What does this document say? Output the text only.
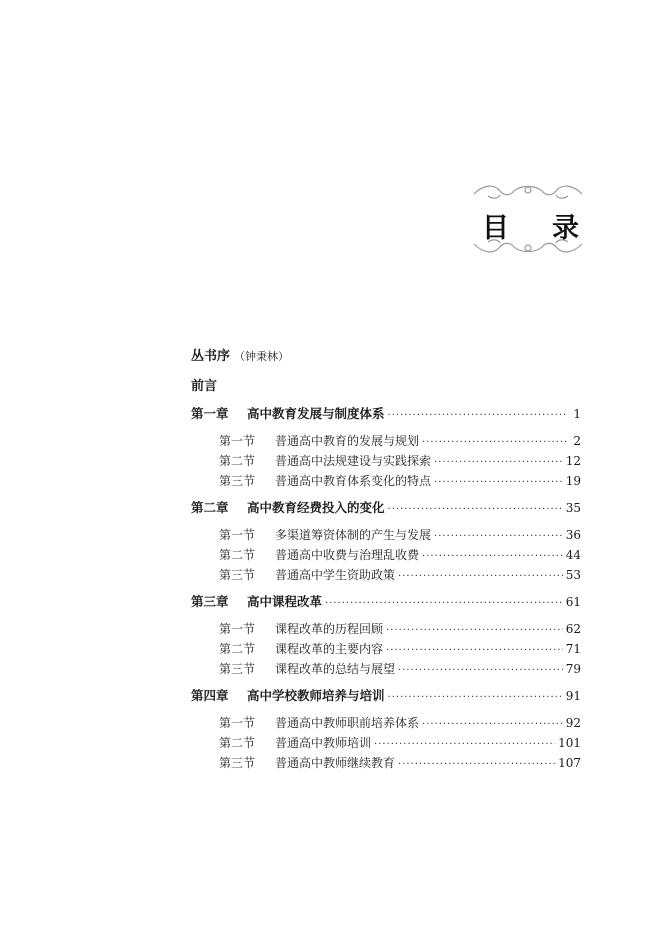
目 录
丛书序 （钟秉林）
前言
第一章	高中教育发展与制度体系 ·····	1
第一节	普通高中教育的发展与规划 ·····	2
第二节	普通高中法规建设与实践探索 ·····	12
第三节	普通高中教育体系变化的特点 ·····	19
第二章	高中教育经费投入的变化 ·····	35
第一节	多渠道筹资体制的产生与发展 ·····	36
第二节	普通高中收费与治理乱收费 ·····	44
第三节	普通高中学生资助政策 ·····	53
第三章	高中课程改革 ·····	61
第一节	课程改革的历程回顾 ·····	62
第二节	课程改革的主要内容 ·····	71
第三节	课程改革的总结与展望 ·····	79
第四章	高中学校教师培养与培训 ·····	91
第一节	普通高中教师职前培养体系 ·····	92
第二节	普通高中教师培训 ·····	101
第三节	普通高中教师继续教育 ·····	107
